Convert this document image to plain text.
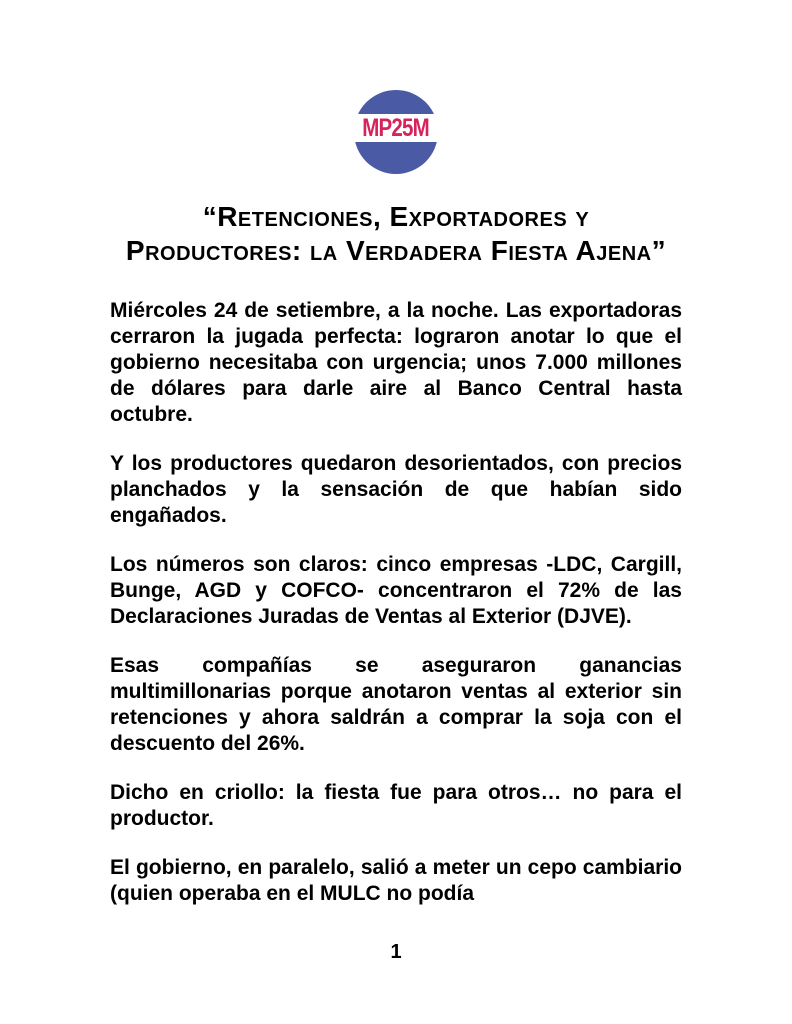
MP25M
“Retenciones, Exportadores y
Productores: la Verdadera Fiesta Ajena”

Miércoles 24 de setiembre, a la noche. Las exportadoras cerraron la jugada perfecta: lograron anotar lo que el gobierno necesitaba con urgencia; unos 7.000 millones de dólares para darle aire al Banco Central hasta octubre.

Y los productores quedaron desorientados, con precios planchados y la sensación de que habían sido engañados.

Los números son claros: cinco empresas -LDC, Cargill, Bunge, AGD y COFCO- concentraron el 72% de las Declaraciones Juradas de Ventas al Exterior (DJVE).

Esas compañías se aseguraron ganancias multimillonarias porque anotaron ventas al exterior sin retenciones y ahora saldrán a comprar la soja con el descuento del 26%.

Dicho en criollo: la fiesta fue para otros… no para el productor.

El gobierno, en paralelo, salió a meter un cepo cambiario (quien operaba en el MULC no podía

1
